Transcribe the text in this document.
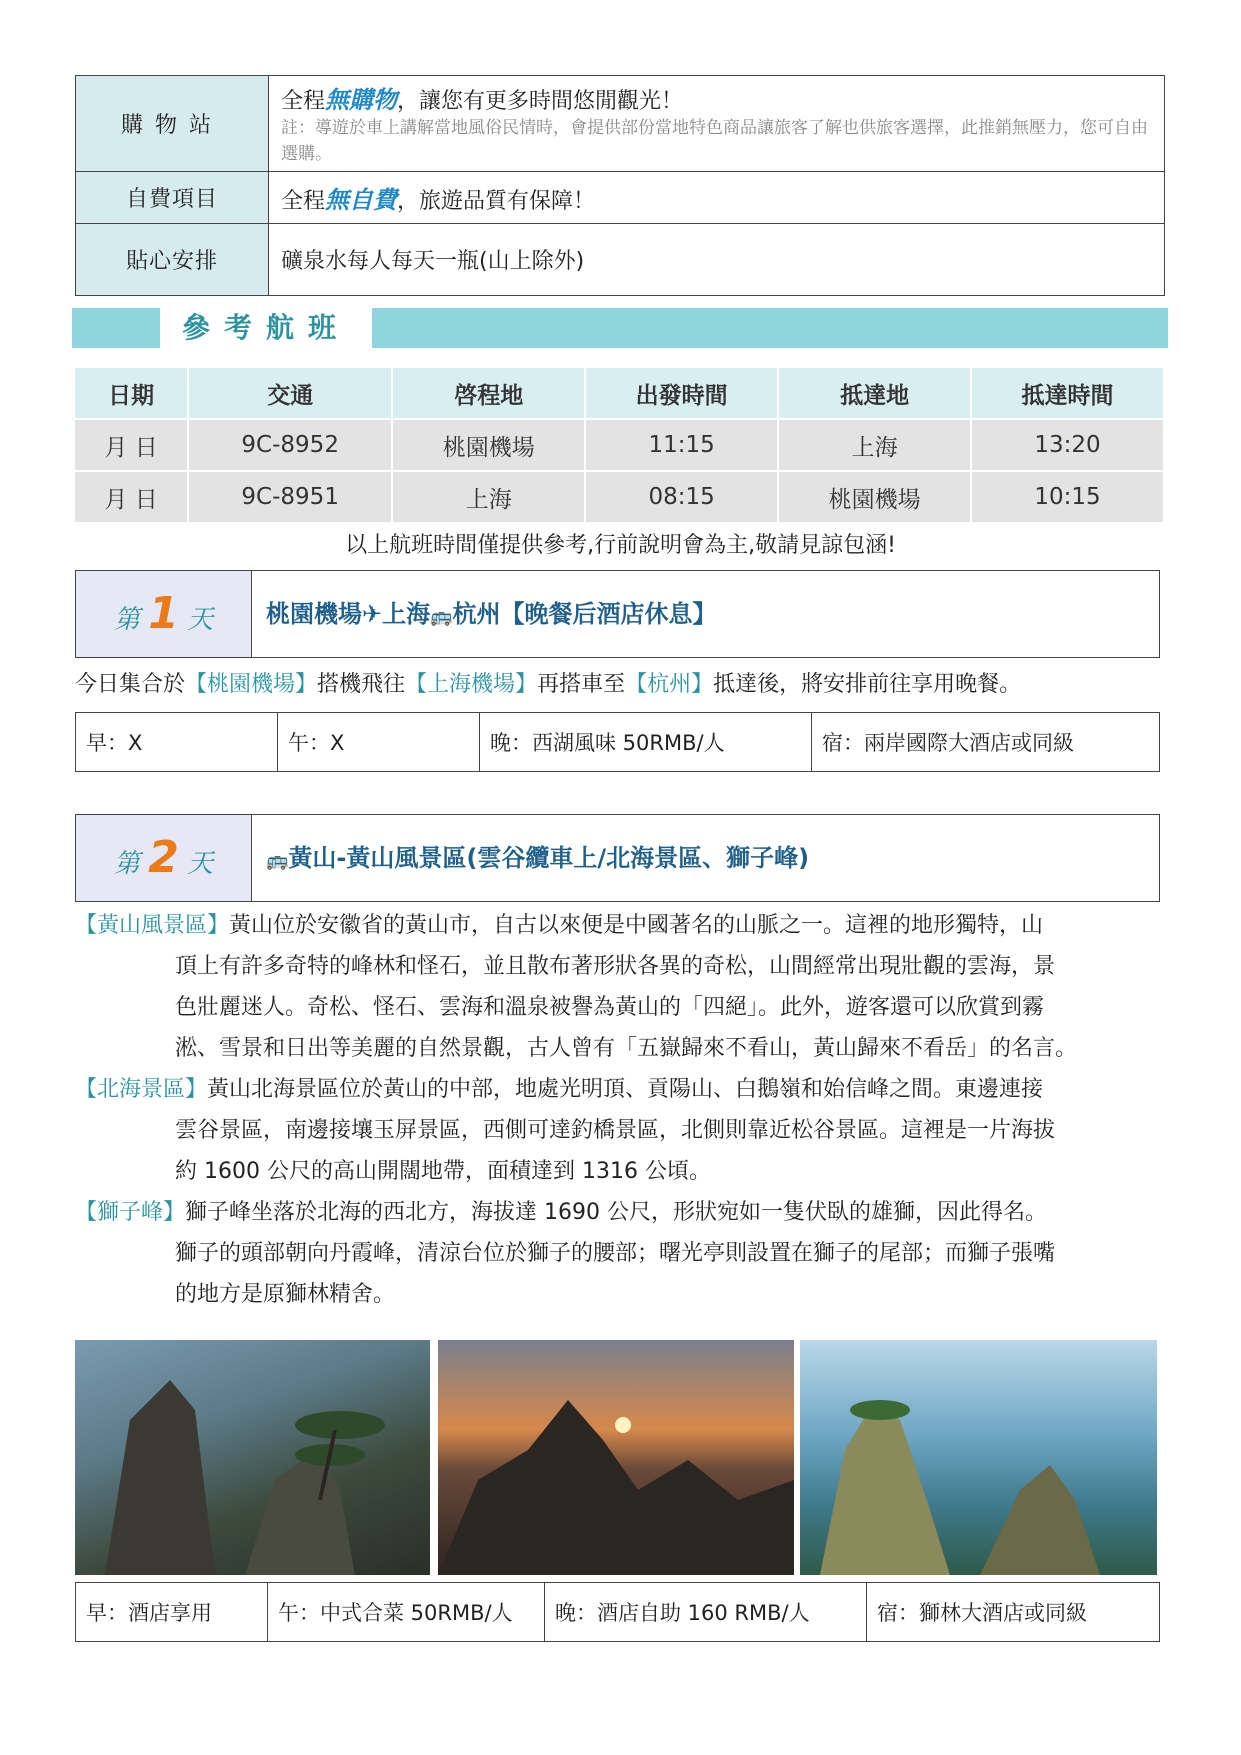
購物站	全程無購物，讓您有更多時間悠閒觀光！
註：導遊於車上講解當地風俗民情時，會提供部份當地特色商品讓旅客了解也供旅客選擇，此推銷無壓力，您可自由選購。

自費項目	全程無自費，旅遊品質有保障！
貼心安排	礦泉水每人每天一瓶(山上除外)
參考航班
日期	交通	啓程地	出發時間	抵達地	抵達時間
月 日	9C-8952	桃園機場	11:15	上海	13:20
月 日	9C-8951	上海	08:15	桃園機場	10:15
以上航班時間僅提供參考,行前說明會為主,敬請見諒包涵!
第 1 天	桃園機場✈上海🚌杭州【晚餐后酒店休息】
今日集合於【桃園機場】搭機飛往【上海機場】再搭車至【杭州】抵達後，將安排前往享用晚餐。
早：X	午：X	晚：西湖風味 50RMB/人	宿：兩岸國際大酒店或同級
第 2 天	🚌黃山-黃山風景區(雲谷纜車上/北海景區、獅子峰)
【黃山風景區】黃山位於安徽省的黃山市，自古以來便是中國著名的山脈之一。這裡的地形獨特，山
頂上有許多奇特的峰林和怪石，並且散布著形狀各異的奇松，山間經常出現壯觀的雲海，景
色壯麗迷人。奇松、怪石、雲海和溫泉被譽為黃山的「四絕」。此外，遊客還可以欣賞到霧
淞、雪景和日出等美麗的自然景觀，古人曾有「五嶽歸來不看山，黃山歸來不看岳」的名言。
【北海景區】黃山北海景區位於黃山的中部，地處光明頂、貢陽山、白鵝嶺和始信峰之間。東邊連接
雲谷景區，南邊接壤玉屏景區，西側可達釣橋景區，北側則靠近松谷景區。這裡是一片海拔
約 1600 公尺的高山開闊地帶，面積達到 1316 公頃。
【獅子峰】獅子峰坐落於北海的西北方，海拔達 1690 公尺，形狀宛如一隻伏臥的雄獅，因此得名。
獅子的頭部朝向丹霞峰，清涼台位於獅子的腰部；曙光亭則設置在獅子的尾部；而獅子張嘴
的地方是原獅林精舍。
早：酒店享用	午：中式合菜 50RMB/人	晚：酒店自助 160 RMB/人	宿：獅林大酒店或同級
